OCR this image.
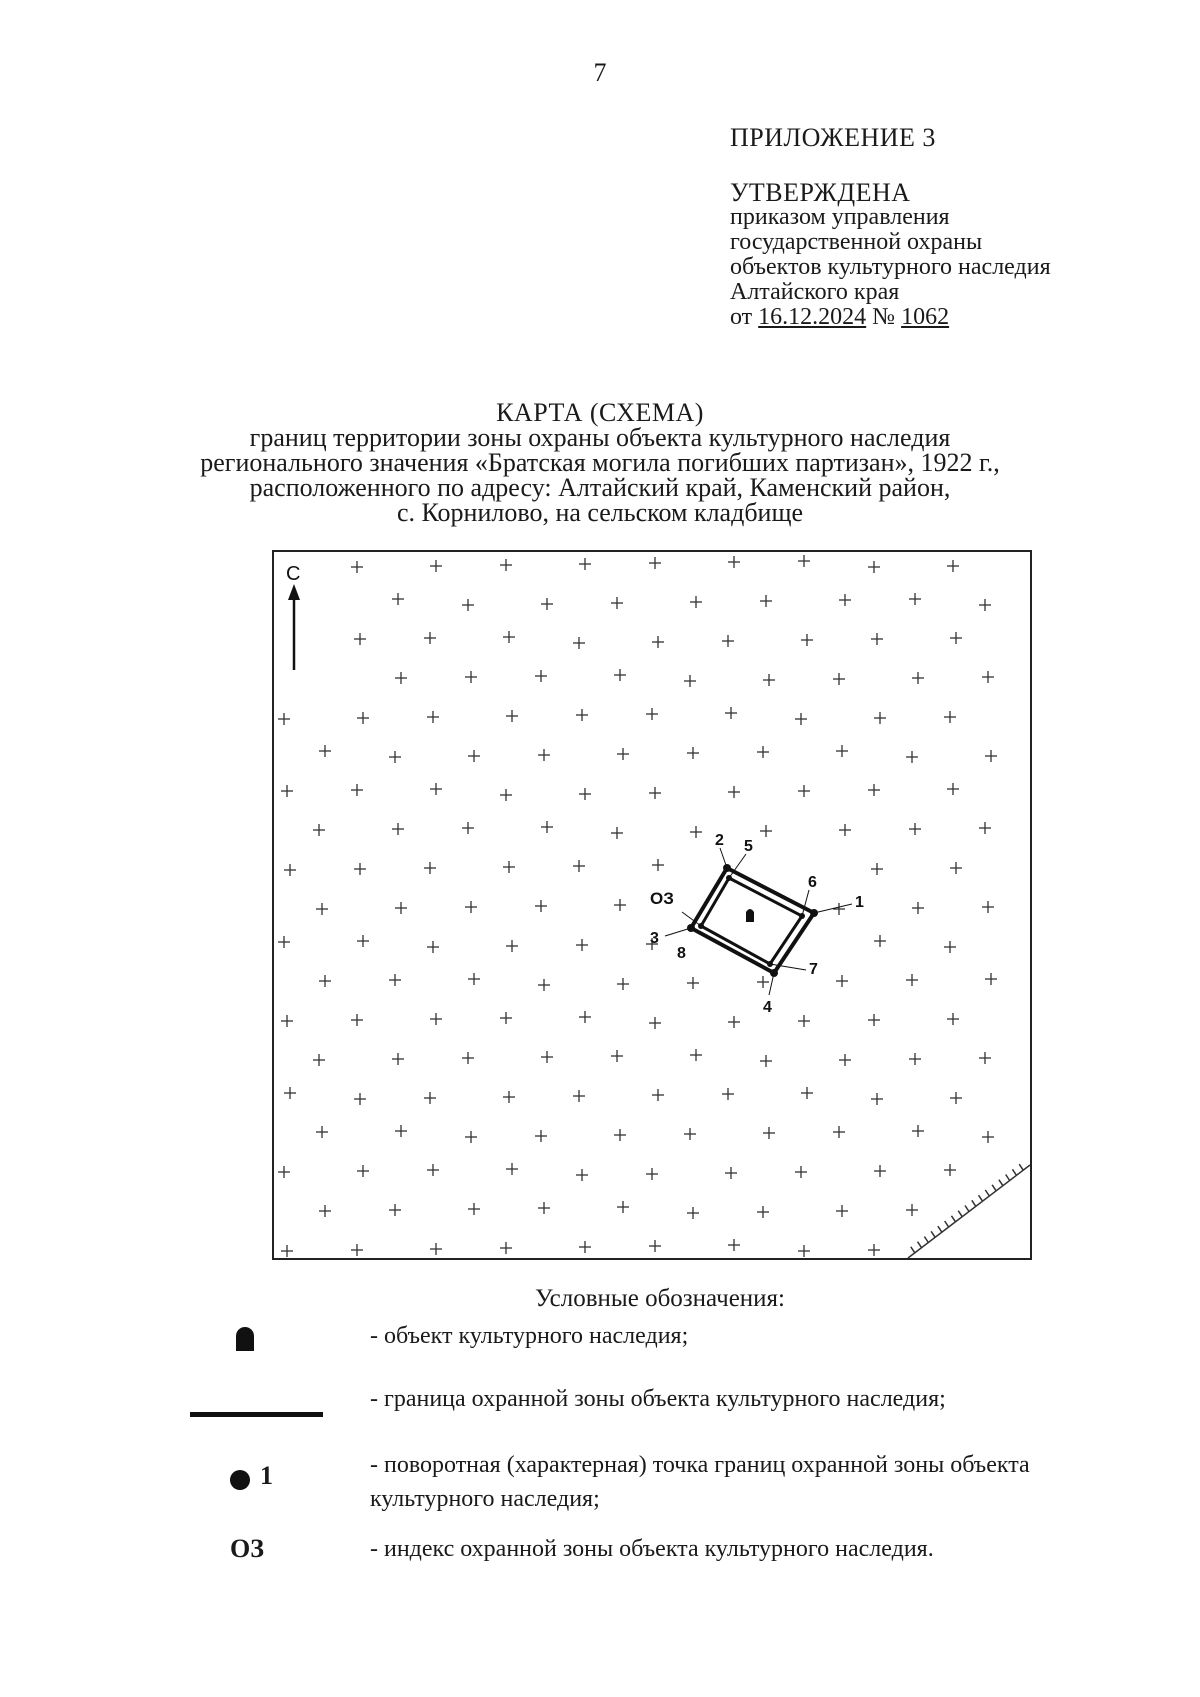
7
ПРИЛОЖЕНИЕ 3
УТВЕРЖДЕНА
приказом управления
государственной охраны
объектов культурного наследия
Алтайского края
от 16.12.2024 № 1062
КАРТА (СХЕМА)
границ территории зоны охраны объекта культурного наследия
регионального значения «Братская могила погибших партизан», 1922 г.,
расположенного по адресу: Алтайский край, Каменский район,
с. Корнилово, на сельском кладбище
С
2 5
6
1
3
8
7
4
ОЗ
Условные обозначения:
- объект культурного наследия;
- граница охранной зоны объекта культурного наследия;
1	- поворотная (характерная) точка границ охранной зоны объекта культурного наследия;
ОЗ	- индекс охранной зоны объекта культурного наследия.
